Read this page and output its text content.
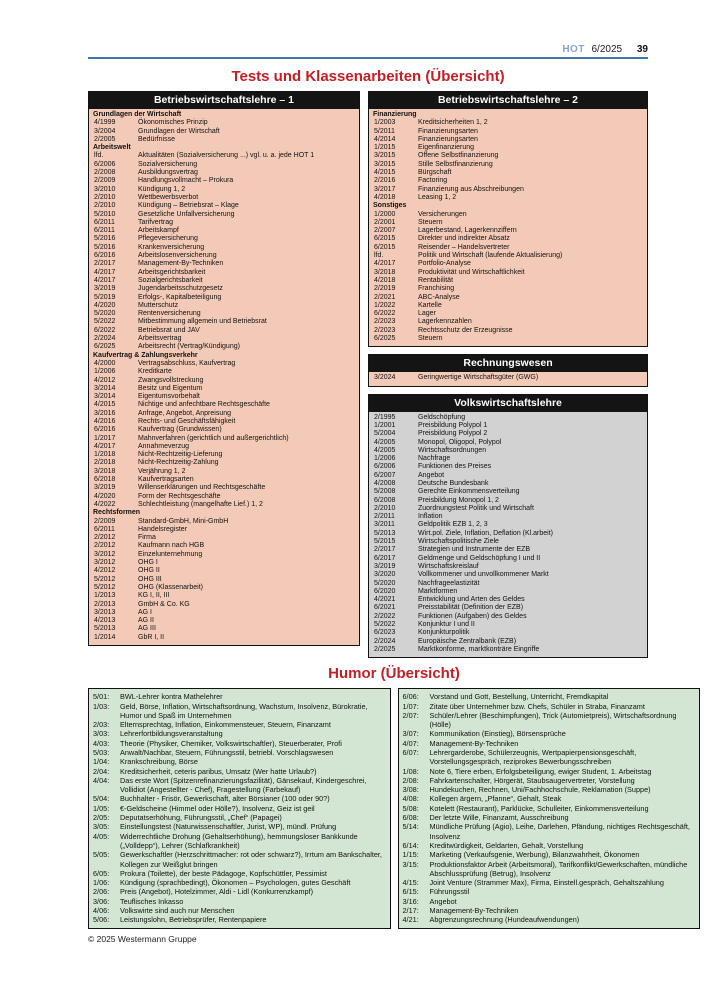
HOT 6/2025 39
Tests und Klassenarbeiten (Übersicht)
Betriebswirtschaftslehre – 1
Grundlagen der Wirtschaft
4/1999	Ökonomisches Prinzip
3/2004	Grundlagen der Wirtschaft
2/2005	Bedürfnisse
Arbeitswelt
lfd.	Aktualitäten (Sozialversicherung ...) vgl. u. a. jede HOT 1
6/2006	Sozialversicherung
2/2008	Ausbildungsvertrag
2/2009	Handlungsvollmacht – Prokura
3/2010	Kündigung 1, 2
2/2010	Wettbewerbsverbot
2/2010	Kündigung – Betriebsrat – Klage
5/2010	Gesetzliche Unfallversicherung
6/2011	Tarifvertrag
6/2011	Arbeitskampf
5/2016	Pflegeversicherung
5/2016	Krankenversicherung
6/2016	Arbeitslosenversicherung
2/2017	Management-By-Techniken
4/2017	Arbeitsgerichtsbarkeit
4/2017	Sozialgerichtsbarkeit
3/2019	Jugendarbeitsschutzgesetz
5/2019	Erfolgs-, Kapitalbeteiligung
4/2020	Mutterschutz
5/2020	Rentenversicherung
5/2022	Mitbestimmung allgemein und Betriebsrat
6/2022	Betriebsrat und JAV
2/2024	Arbeitsvertrag
6/2025	Arbeitsrecht (Vertrag/Kündigung)
Kaufvertrag & Zahlungsverkehr
4/2000	Vertragsabschluss, Kaufvertrag
1/2006	Kreditkarte
4/2012	Zwangsvollstreckung
3/2014	Besitz und Eigentum
3/2014	Eigentumsvorbehalt
4/2015	Nichtige und anfechtbare Rechtsgeschäfte
3/2016	Anfrage, Angebot, Anpreisung
4/2016	Rechts- und Geschäftsfähigkeit
6/2016	Kaufvertrag (Grundwissen)
1/2017	Mahnverfahren (gerichtlich und außergerichtlich)
4/2017	Annahmeverzug
1/2018	Nicht-Rechtzeitig-Lieferung
2/2018	Nicht-Rechtzeitig-Zahlung
3/2018	Verjährung 1, 2
6/2018	Kaufvertragsarten
3/2019	Willenserklärungen und Rechtsgeschäfte
4/2020	Form der Rechtsgeschäfte
4/2022	Schlechtleistung (mangelhafte Lief.) 1, 2
Rechtsformen
2/2009	Standard-GmbH, Mini-GmbH
6/2011	Handelsregister
2/2012	Firma
2/2012	Kaufmann nach HGB
3/2012	Einzelunternehmung
3/2012	OHG I
4/2012	OHG II
5/2012	OHG III
5/2012	OHG (Klassenarbeit)
1/2013	KG I, II, III
2/2013	GmbH & Co. KG
3/2013	AG I
4/2013	AG II
5/2013	AG III
1/2014	GbR I, II
Betriebswirtschaftslehre – 2
Finanzierung
1/2003	Kreditsicherheiten 1, 2
5/2011	Finanzierungsarten
4/2014	Finanzierungsarten
1/2015	Eigenfinanzierung
3/2015	Offene Selbstfinanzierung
3/2015	Stille Selbstfinanzierung
4/2015	Bürgschaft
2/2016	Factoring
3/2017	Finanzierung aus Abschreibungen
4/2018	Leasing 1, 2
Sonstiges
1/2000	Versicherungen
2/2001	Steuern
2/2007	Lagerbestand, Lagerkennziffern
6/2015	Direkter und indirekter Absatz
6/2015	Reisender – Handelsvertreter
lfd.	Politik und Wirtschaft (laufende Aktualisierung)
4/2017	Portfolio-Analyse
3/2018	Produktivität und Wirtschaftlichkeit
4/2018	Rentabilität
2/2019	Franchising
2/2021	ABC-Analyse
1/2022	Kartelle
6/2022	Lager
2/2023	Lagerkennzahlen
2/2023	Rechtsschutz der Erzeugnisse
6/2025	Steuern
Rechnungswesen
3/2024	Geringwertige Wirtschaftsgüter (GWG)
Volkswirtschaftslehre
2/1995	Geldschöpfung
1/2001	Preisbildung Polypol 1
5/2004	Preisbildung Polypol 2
4/2005	Monopol, Oligopol, Polypol
4/2005	Wirtschaftsordnungen
1/2006	Nachfrage
6/2006	Funktionen des Preises
6/2007	Angebot
4/2008	Deutsche Bundesbank
5/2008	Gerechte Einkommensverteilung
6/2008	Preisbildung Monopol 1, 2
2/2010	Zuordnungstest Politik und Wirtschaft
2/2011	Inflation
3/2011	Geldpolitik EZB 1, 2, 3
5/2013	Wirt.pol. Ziele, Inflation, Deflation (Kl.arbeit)
5/2015	Wirtschaftspolitische Ziele
2/2017	Strategien und Instrumente der EZB
6/2017	Geldmenge und Geldschöpfung I und II
3/2019	Wirtschaftskreislauf
3/2020	Vollkommener und unvollkommener Markt
5/2020	Nachfrageelastizität
6/2020	Marktformen
4/2021	Entwicklung und Arten des Geldes
6/2021	Preisstabilität (Definition der EZB)
2/2022	Funktionen (Aufgaben) des Geldes
5/2022	Konjunktur I und II
6/2023	Konjunkturpolitik
2/2024	Europäische Zentralbank (EZB)
2/2025	Marktkonforme, marktkonträre Eingriffe
Humor (Übersicht)
5/01:	BWL-Lehrer kontra Mathelehrer
1/03:	Geld, Börse, Inflation, Wirtschaftsordnung, Wachstum, Insolvenz, Bürokratie, Humor und Spaß im Unternehmen
2/03:	Elternsprechtag, Inflation, Einkommensteuer, Steuern, Finanzamt
3/03:	Lehrerfortbildungsveranstaltung
4/03:	Theorie (Physiker, Chemiker, Volkswirtschaftler), Steuerberater, Profi
5/03:	Anwalt/Nachbar, Steuern, Führungsstil, betriebl. Vorschlagswesen
1/04:	Krankschreibung, Börse
2/04:	Kreditsicherheit, ceteris paribus, Umsatz (Wer hatte Urlaub?)
4/04:	Das erste Wort (Spitzenrefinanzierungsfazilität), Gänsekauf, Kindergeschrei, Vollidiot (Angestellter - Chef), Fragestellung (Farbekauf)
5/04:	Buchhalter - Frisör, Gewerkschaft, alter Börsianer (100 oder 90?)
1/05:	€-Geldscheine (Himmel oder Hölle?), Insolvenz, Geiz ist geil
2/05:	Deputatserhöhung, Führungsstil, „Chef“ (Papagei)
3/05:	Einstellungstest (Naturwissenschaftler, Jurist, WP), mündl. Prüfung
4/05:	Widerrechtliche Drohung (Gehaltserhöhung), hemmungsloser Bankkunde („Volldepp“), Lehrer (Schlafkrankheit)
5/05:	Gewerkschaftler (Herzschrittmacher: rot oder schwarz?), Irrtum am Bankschalter, Kollegen zur Weißglut bringen
6/05:	Prokura (Toilette), der beste Pädagoge, Kopfschüttler, Pessimist
1/06:	Kündigung (sprachbedingt), Ökonomen – Psychologen, gutes Geschäft
2/06:	Preis (Angebot), Hotelzimmer, Aldi - Lidl (Konkurrenzkampf)
3/06:	Teuflisches Inkasso
4/06:	Volkswirte sind auch nur Menschen
5/06:	Leistungslohn, Betriebsprüfer, Rentenpapiere
6/06:	Vorstand und Gott, Bestellung, Unterricht, Fremdkapital
1/07:	Zitate über Unternehmer bzw. Chefs, Schüler in Straba, Finanzamt
2/07:	Schüler/Lehrer (Beschimpfungen), Trick (Automietpreis), Wirtschaftsordnung (Hölle)
3/07:	Kommunikation (Einstieg), Börsensprüche
4/07:	Management-By-Techniken
6/07:	Lehrergarderobe, Schülerzeugnis, Wertpapierpensionsgeschäft, Vorstellungsgespräch, reziprokes Bewerbungsschreiben
1/08:	Note 6, Tiere erben, Erfolgsbeteiligung, ewiger Student, 1. Arbeitstag
2/08:	Fahrkartenschalter, Hörgerät, Staubsaugervertreter, Vorstellung
3/08:	Hundekuchen, Rechnen, Uni/Fachhochschule, Reklamation (Suppe)
4/08:	Kollegen ärgern, „Pfanne“, Gehalt, Steak
5/08:	Kotelett (Restaurant), Parklücke, Schulleiter, Einkommensverteilung
6/08:	Der letzte Wille, Finanzamt, Ausschreibung
5/14:	Mündliche Prüfung (Agio), Leihe, Darlehen, Pfändung, nichtiges Rechtsgeschäft, Insolvenz
6/14:	Kreditwürdigkeit, Geldarten, Gehalt, Vorstellung
1/15:	Marketing (Verkaufsgenie, Werbung), Bilanzwahrheit, Ökonomen
3/15:	Produktionsfaktor Arbeit (Arbeitsmoral), Tarifkonflikt/Gewerkschaften, mündliche Abschlussprüfung (Betrug), Insolvenz
4/15:	Joint Venture (Strammer Max), Firma, Einstell.gespräch, Gehaltszahlung
6/15:	Führungsstil
3/16:	Angebot
2/17:	Management-By-Techniken
4/21:	Abgrenzungsrechnung (Hundeaufwendungen)
© 2025 Westermann Gruppe
